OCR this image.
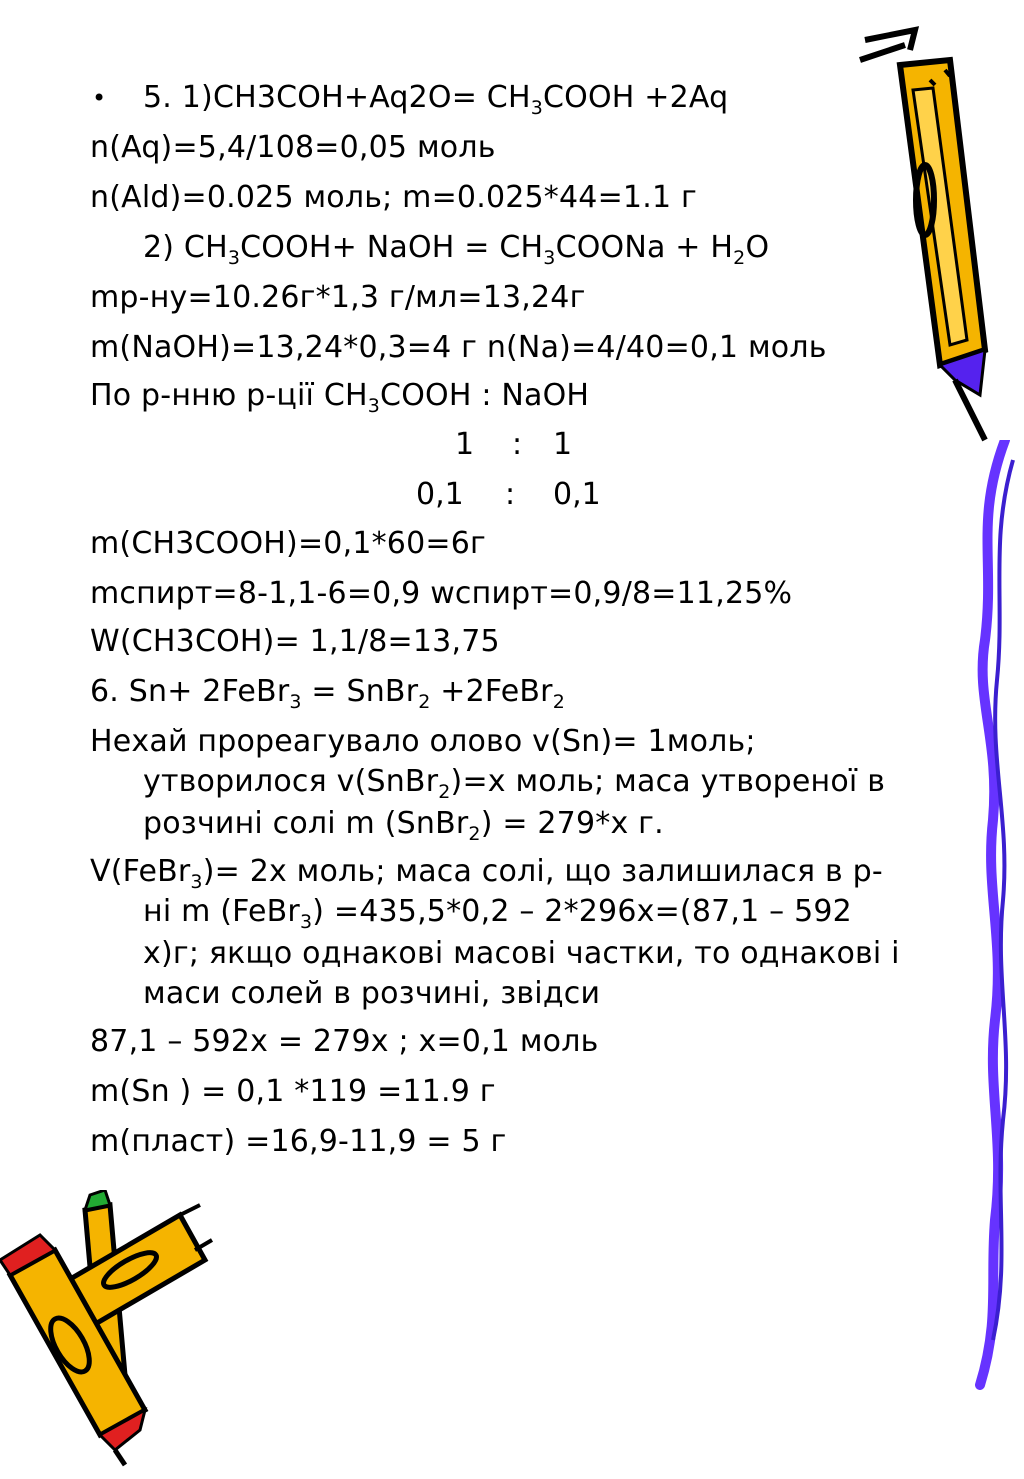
• 5. $1)CH3COH+Aq2O= CH_3COOH +2Aq$
n(Aq)=5,4/108=0,05 моль
n(Ald)=0.025 моль; m=0.025*44=1.1 г
2) $CH_3COOH+$ NaOH = $CH_3COONa + H_2O$
mр-ну=10.26г*1,3 г/мл=13,24г
m(NaOH)=13,24*0,3=4 г n(Na)=4/40=0,1 моль
По р-нню р-ції $CH_3COOH$ : NaOH
1 : 1
0,1 : 0,1
m(CH3COOH)=0,1*60=6г
mспирт=8-1,1-6=0,9 wспирт=0,9/8=11,25%
W(CH3COH)= 1,1/8=13,75
6. Sn+ 2FeBr$_3$ = SnBr$_2$ +2FeBr$_2$
Нехай прореагувало олово v(Sn)= 1моль;
утворилося v(SnBr$_2$)=x моль; маса утвореної в
розчині солі m (SnBr$_2$) = 279*x г.
V(FeBr$_3$)= 2x моль; маса солі, що залишилася в р-
ні m (FeBr$_3$) =435,5*0,2 – 2*296x=(87,1 – 592
x)г; якщо однакові масові частки, то однакові і
маси солей в розчині, звідси
87,1 – 592x = 279x ; x=0,1 моль
m(Sn ) = 0,1 *119 =11.9 г
m(пласт) =16,9-11,9 = 5 г
